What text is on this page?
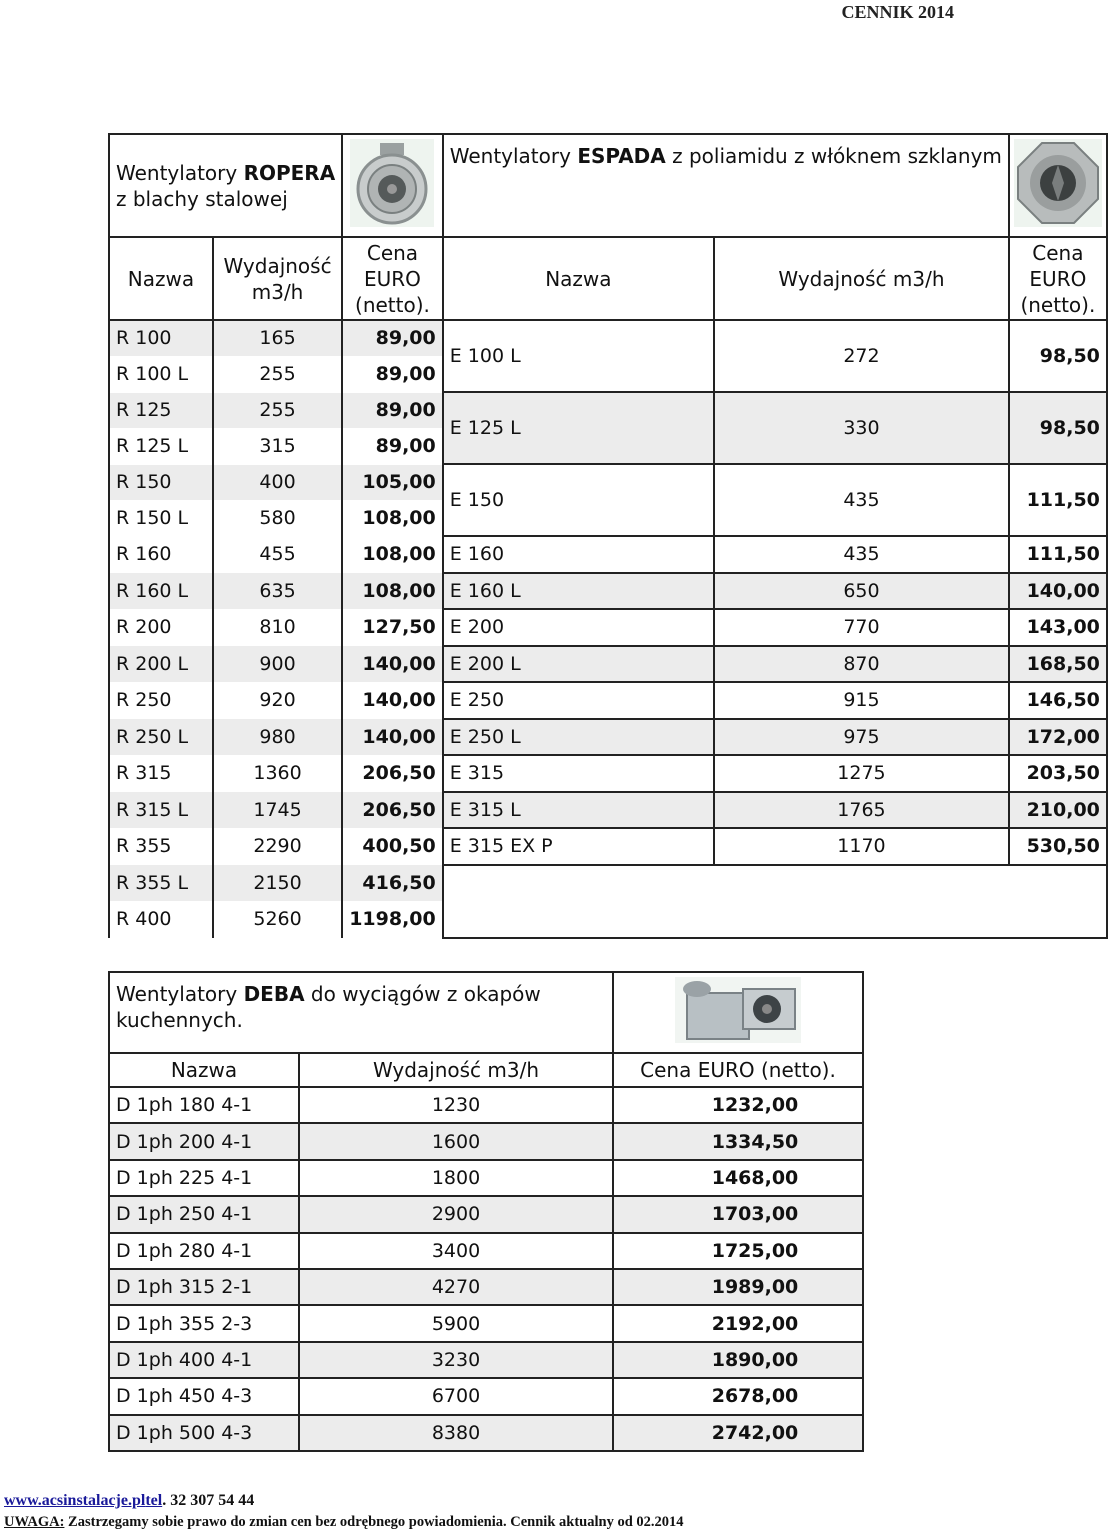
CENNIK 2014
Wentylatory ROPERA
z blachy stalowej			Wentylatory ESPADA z poliamidu z włóknem szklanym	
Nazwa	Wydajność m3/h	Cena EURO (netto).	Nazwa	Wydajność m3/h	Cena EURO (netto).
R 100	165	89,00	E 100 L	272	98,50
R 100 L	255	89,00			
R 125	255	89,00	E 125 L	330	98,50
R 125 L	315	89,00			
R 150	400	105,00	E 150	435	111,50
R 150 L	580	108,00			
R 160	455	108,00	E 160	435	111,50
R 160 L	635	108,00	E 160 L	650	140,00
R 200	810	127,50	E 200	770	143,00
R 200 L	900	140,00	E 200 L	870	168,50
R 250	920	140,00	E 250	915	146,50
R 250 L	980	140,00	E 250 L	975	172,00
R 315	1360	206,50	E 315	1275	203,50
R 315 L	1745	206,50	E 315 L	1765	210,00
R 355	2290	400,50	E 315 EX P	1170	530,50
R 355 L	2150	416,50			
R 400	5260	1198,00			
Wentylatory DEBA do wyciągów z okapów kuchennych.	
Nazwa	Wydajność m3/h	Cena EURO (netto).
D 1ph 180 4-1	1230	1232,00
D 1ph 200 4-1	1600	1334,50
D 1ph 225 4-1	1800	1468,00
D 1ph 250 4-1	2900	1703,00
D 1ph 280 4-1	3400	1725,00
D 1ph 315 2-1	4270	1989,00
D 1ph 355 2-3	5900	2192,00
D 1ph 400 4-1	3230	1890,00
D 1ph 450 4-3	6700	2678,00
D 1ph 500 4-3	8380	2742,00
www.acsinstalacje.pltel. 32 307 54 44
UWAGA: Zastrzegamy sobie prawo do zmian cen bez odrębnego powiadomienia. Cennik aktualny od 02.2014
